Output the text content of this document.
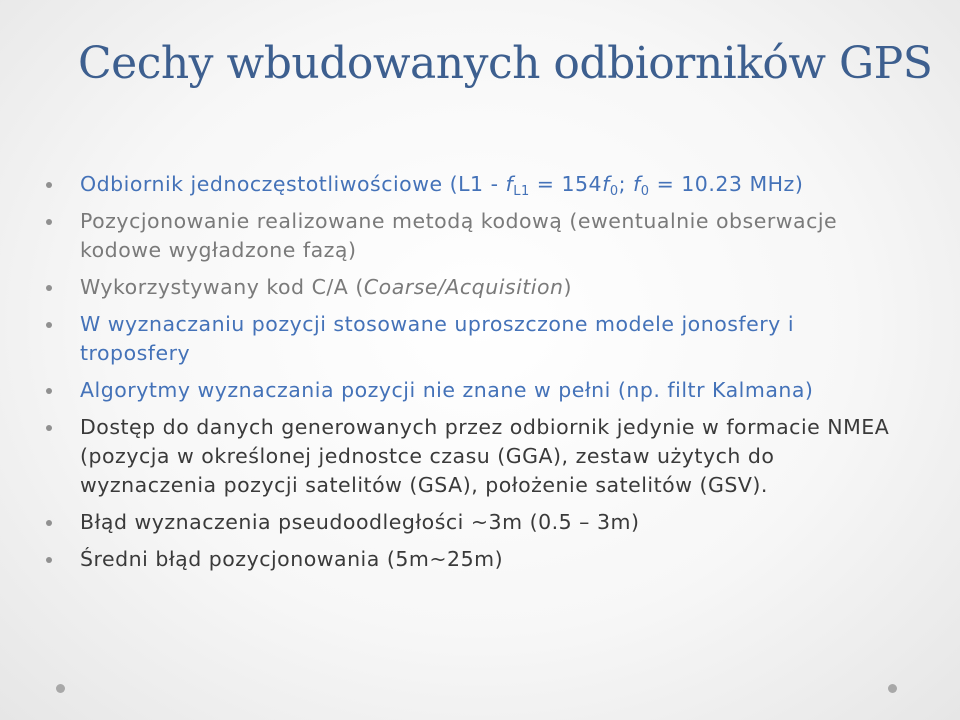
Cechy wbudowanych odbiorników GPS
Odbiornik jednoczęstotliwościowe ($L1 - f_{L1} = 154f_0$; $f_0 = 10.23$ MHz)
Pozycjonowanie realizowane metodą kodową (ewentualnie obserwacje kodowe wygładzone fazą)
Wykorzystywany kod C/A (Coarse/Acquisition)
W wyznaczaniu pozycji stosowane uproszczone modele jonosfery i troposfery
Algorytmy wyznaczania pozycji nie znane w pełni (np. filtr Kalmana)
Dostęp do danych generowanych przez odbiornik jedynie w formacie NMEA (pozycja w określonej jednostce czasu (GGA), zestaw użytych do wyznaczenia pozycji satelitów (GSA), położenie satelitów (GSV).
Błąd wyznaczenia pseudoodległości ~3m (0.5 – 3m)
Średni błąd pozycjonowania (5m~25m)
